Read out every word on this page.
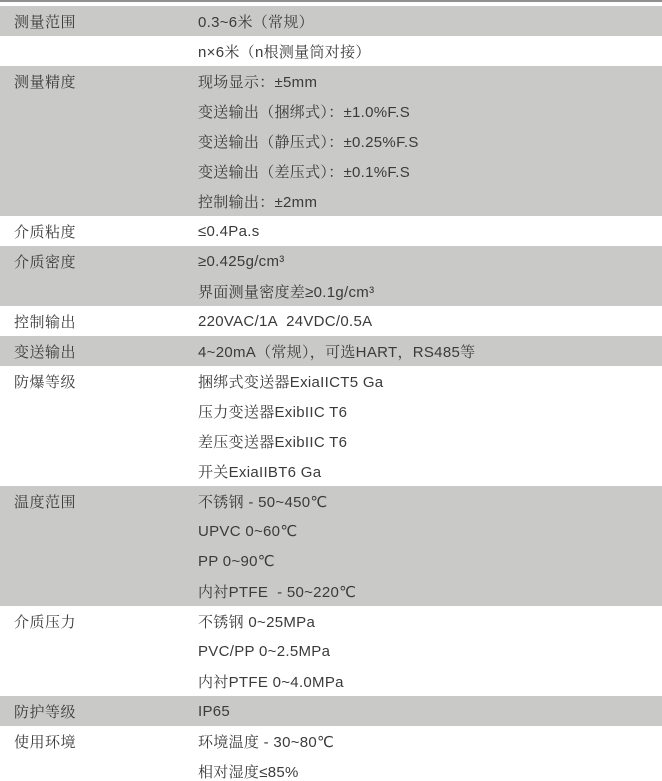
测量范围	0.3~6米（常规）
n×6米（n根测量筒对接）
测量精度	现场显示：±5mm
变送输出（捆绑式）：±1.0%F.S
变送输出（静压式）：±0.25%F.S
变送输出（差压式）：±0.1%F.S
控制输出：±2mm
介质粘度	≤0.4Pa.s
介质密度	≥0.425g/cm³
界面测量密度差≥0.1g/cm³
控制输出	220VAC/1A  24VDC/0.5A
变送输出	4~20mA（常规），可选HART，RS485等
防爆等级	捆绑式变送器ExiaIICT5 Ga
压力变送器ExibIIC T6
差压变送器ExibIIC T6
开关ExiaIIBT6 Ga
温度范围	不锈钢 - 50~450℃
UPVC 0~60℃
PP 0~90℃
内衬PTFE  - 50~220℃
介质压力	不锈钢 0~25MPa
PVC/PP 0~2.5MPa
内衬PTFE 0~4.0MPa
防护等级	IP65
使用环境	环境温度 - 30~80℃
相对湿度≤85%
